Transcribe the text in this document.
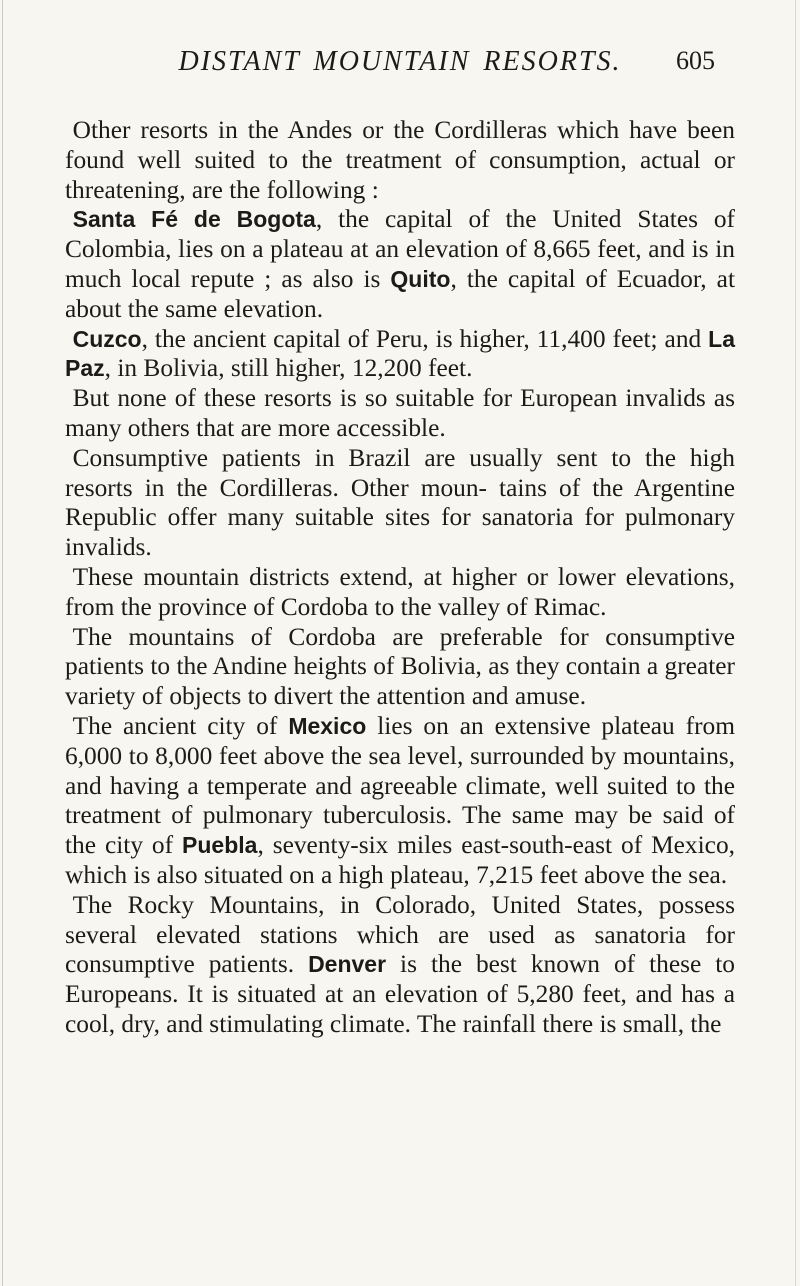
DISTANT MOUNTAIN RESORTS.	605

Other resorts in the Andes or the Cordilleras which have been found well suited to the treatment of consumption, actual or threatening, are the following :

Santa Fé de Bogota, the capital of the United States of Colombia, lies on a plateau at an elevation of 8,665 feet, and is in much local repute ; as also is Quito, the capital of Ecuador, at about the same elevation.

Cuzco, the ancient capital of Peru, is higher, 11,400 feet; and La Paz, in Bolivia, still higher, 12,200 feet.

But none of these resorts is so suitable for European invalids as many others that are more accessible.

Consumptive patients in Brazil are usually sent to the high resorts in the Cordilleras. Other moun- tains of the Argentine Republic offer many suitable sites for sanatoria for pulmonary invalids.

These mountain districts extend, at higher or lower elevations, from the province of Cordoba to the valley of Rimac.

The mountains of Cordoba are preferable for consumptive patients to the Andine heights of Bolivia, as they contain a greater variety of objects to divert the attention and amuse.

The ancient city of Mexico lies on an extensive plateau from 6,000 to 8,000 feet above the sea level, surrounded by mountains, and having a temperate and agreeable climate, well suited to the treatment of pulmonary tuberculosis. The same may be said of the city of Puebla, seventy-six miles east-south-east of Mexico, which is also situated on a high plateau, 7,215 feet above the sea.

The Rocky Mountains, in Colorado, United States, possess several elevated stations which are used as sanatoria for consumptive patients. Denver is the best known of these to Europeans. It is situated at an elevation of 5,280 feet, and has a cool, dry, and stimulating climate. The rainfall there is small, the
